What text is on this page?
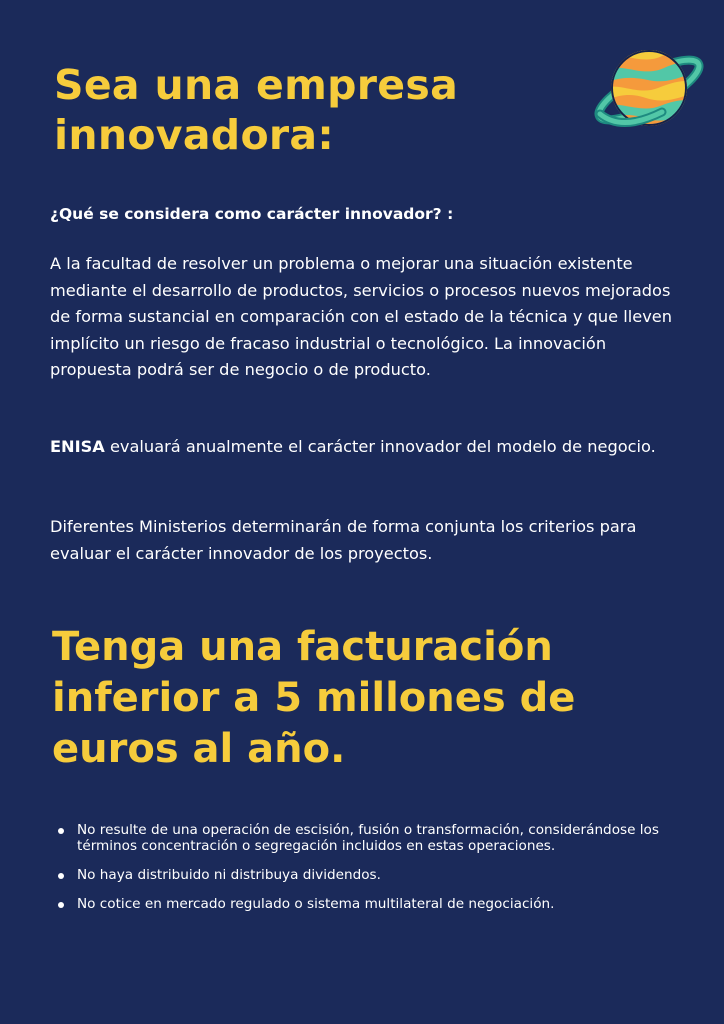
Sea una empresa innovadora:

¿Qué se considera como carácter innovador? :

A la facultad de resolver un problema o mejorar una situación existente mediante el desarrollo de productos, servicios o procesos nuevos mejorados de forma sustancial en comparación con el estado de la técnica y que lleven implícito un riesgo de fracaso industrial o tecnológico. La innovación propuesta podrá ser de negocio o de producto.

ENISA evaluará anualmente el carácter innovador del modelo de negocio.

Diferentes Ministerios determinarán de forma conjunta los criterios para evaluar el carácter innovador de los proyectos.

Tenga una facturación inferior a 5 millones de euros al año.
No resulte de una operación de escisión, fusión o transformación, considerándose los términos concentración o segregación incluidos en estas operaciones.
No haya distribuido ni distribuya dividendos.
No cotice en mercado regulado o sistema multilateral de negociación.
